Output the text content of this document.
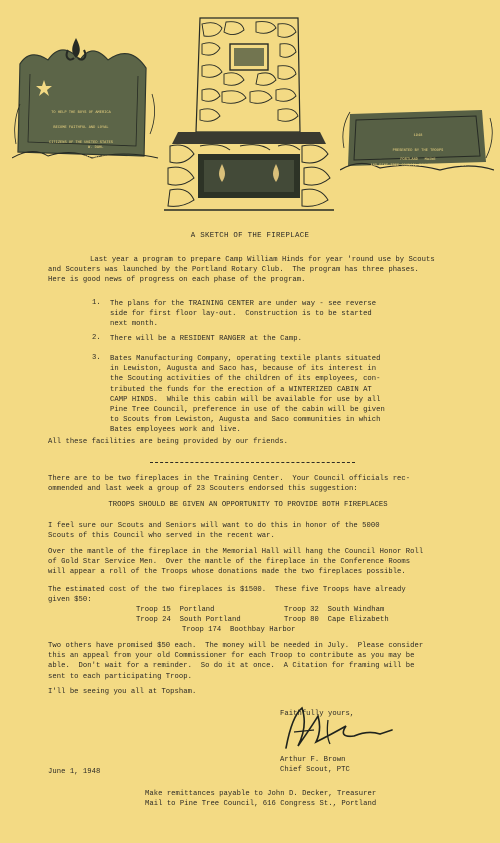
TO HELP THE BOYS OF AMERICA

BECOME FAITHFUL AND LOYAL

CITIZENS OF THE UNITED STATES

THAT THE COUNCIL MAY BE

ASSURED OF THEIR FUTURE

W. DAHL

1948

PRESENTED BY THE TROOPS

AND PINE TREE COUNCIL BOY SCOUTS OF AMERICA

PORTLAND   MAINE
A SKETCH OF THE FIREPLACE
Last year a program to prepare Camp William Hinds for year 'round use by Scouts
and Scouters was launched by the Portland Rotary Club.  The program has three phases.
Here is good news of progress on each phase of the program.
1. The plans for the TRAINING CENTER are under way - see reverse
side for first floor lay-out.  Construction is to be started
next month.
2. There will be a RESIDENT RANGER at the Camp.
3. Bates Manufacturing Company, operating textile plants situated
in Lewiston, Augusta and Saco has, because of its interest in
the Scouting activities of the children of its employees, con-
tributed the funds for the erection of a WINTERIZED CABIN AT
CAMP HINDS.  While this cabin will be available for use by all
Pine Tree Council, preference in use of the cabin will be given
to Scouts from Lewiston, Augusta and Saco communities in which
Bates employees work and live.
All these facilities are being provided by our friends.
There are to be two fireplaces in the Training Center.  Your Council officials rec-
ommended and last week a group of 23 Scouters endorsed this suggestion:
TROOPS SHOULD BE GIVEN AN OPPORTUNITY TO PROVIDE BOTH FIREPLACES
I feel sure our Scouts and Seniors will want to do this in honor of the 5000
Scouts of this Council who served in the recent war.
Over the mantle of the fireplace in the Memorial Hall will hang the Council Honor Roll
of Gold Star Service Men.  Over the mantle of the fireplace in the Conference Rooms
will appear a roll of the Troops whose donations made the two fireplaces possible.
The estimated cost of the two fireplaces is $1500.  These five Troops have already
given $50:
Troop 15  Portland	Troop 32  South Windham
Troop 24  South Portland	Troop 80  Cape Elizabeth
Troop 174  Boothbay Harbor
Two others have promised $50 each.  The money will be needed in July.  Please consider
this an appeal from your old Commissioner for each Troop to contribute as you may be
able.  Don't wait for a reminder.  So do it at once.  A Citation for framing will be
sent to each participating Troop.
I'll be seeing you all at Topsham.
Faithfully yours,
Arthur F. Brown
Chief Scout, PTC
June 1, 1948
Make remittances payable to John D. Decker, Treasurer
Mail to Pine Tree Council, 616 Congress St., Portland
